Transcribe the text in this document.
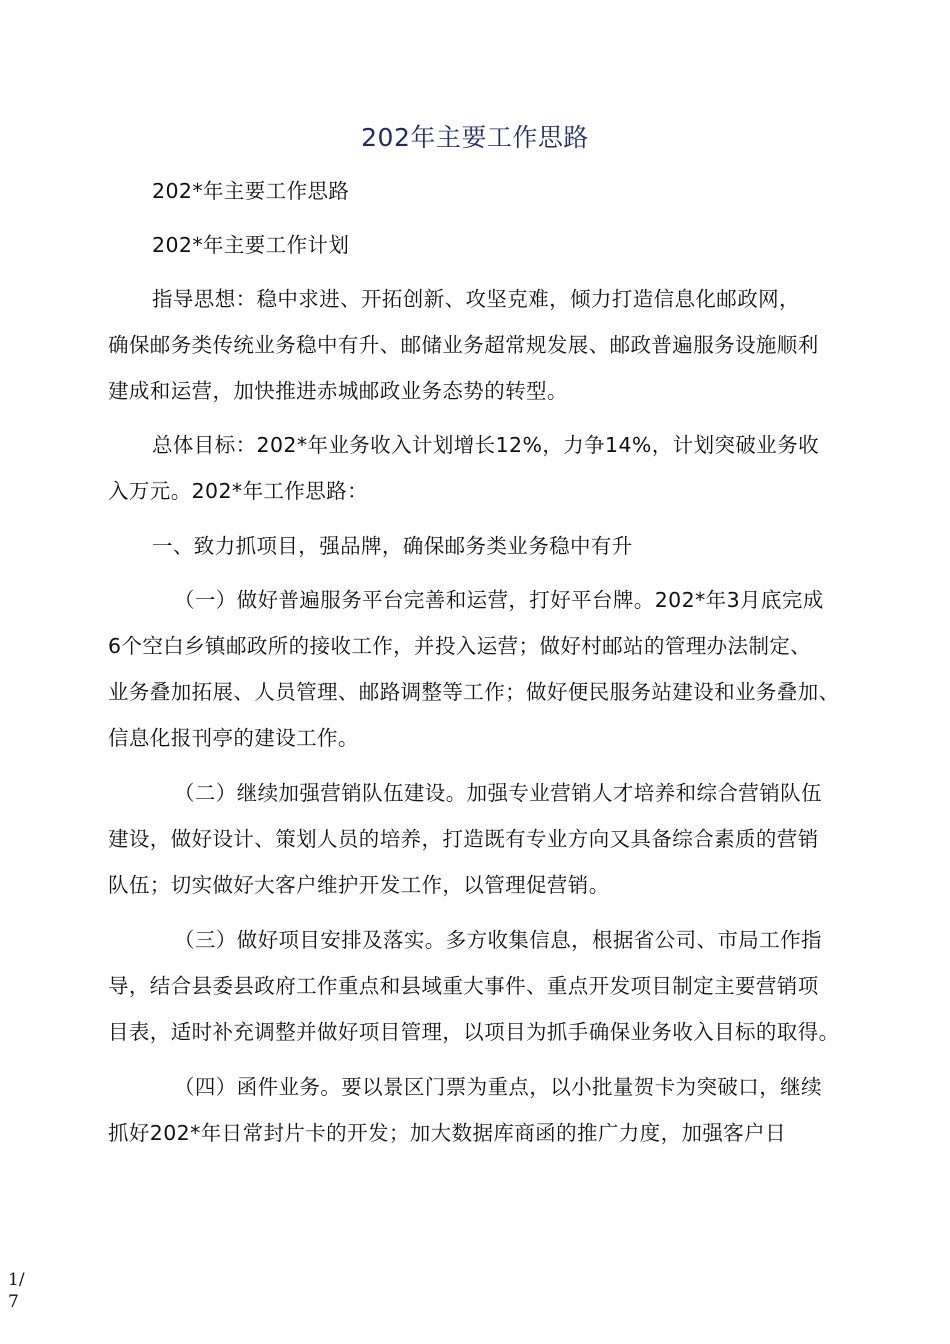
202年主要工作思路
202*年主要工作思路
202*年主要工作计划
指导思想：稳中求进、开拓创新、攻坚克难，倾力打造信息化邮政网，
确保邮务类传统业务稳中有升、邮储业务超常规发展、邮政普遍服务设施顺利
建成和运营，加快推进赤城邮政业务态势的转型。
总体目标：202*年业务收入计划增长12%，力争14%，计划突破业务收
入万元。202*年工作思路：
一、致力抓项目，强品牌，确保邮务类业务稳中有升
（一）做好普遍服务平台完善和运营，打好平台牌。202*年3月底完成
6个空白乡镇邮政所的接收工作，并投入运营；做好村邮站的管理办法制定、
业务叠加拓展、人员管理、邮路调整等工作；做好便民服务站建设和业务叠加、
信息化报刊亭的建设工作。
（二）继续加强营销队伍建设。加强专业营销人才培养和综合营销队伍
建设，做好设计、策划人员的培养，打造既有专业方向又具备综合素质的营销
队伍；切实做好大客户维护开发工作，以管理促营销。
（三）做好项目安排及落实。多方收集信息，根据省公司、市局工作指
导，结合县委县政府工作重点和县域重大事件、重点开发项目制定主要营销项
目表，适时补充调整并做好项目管理，以项目为抓手确保业务收入目标的取得。
（四）函件业务。要以景区门票为重点，以小批量贺卡为突破口，继续
抓好202*年日常封片卡的开发；加大数据库商函的推广力度，加强客户日
1/
7
